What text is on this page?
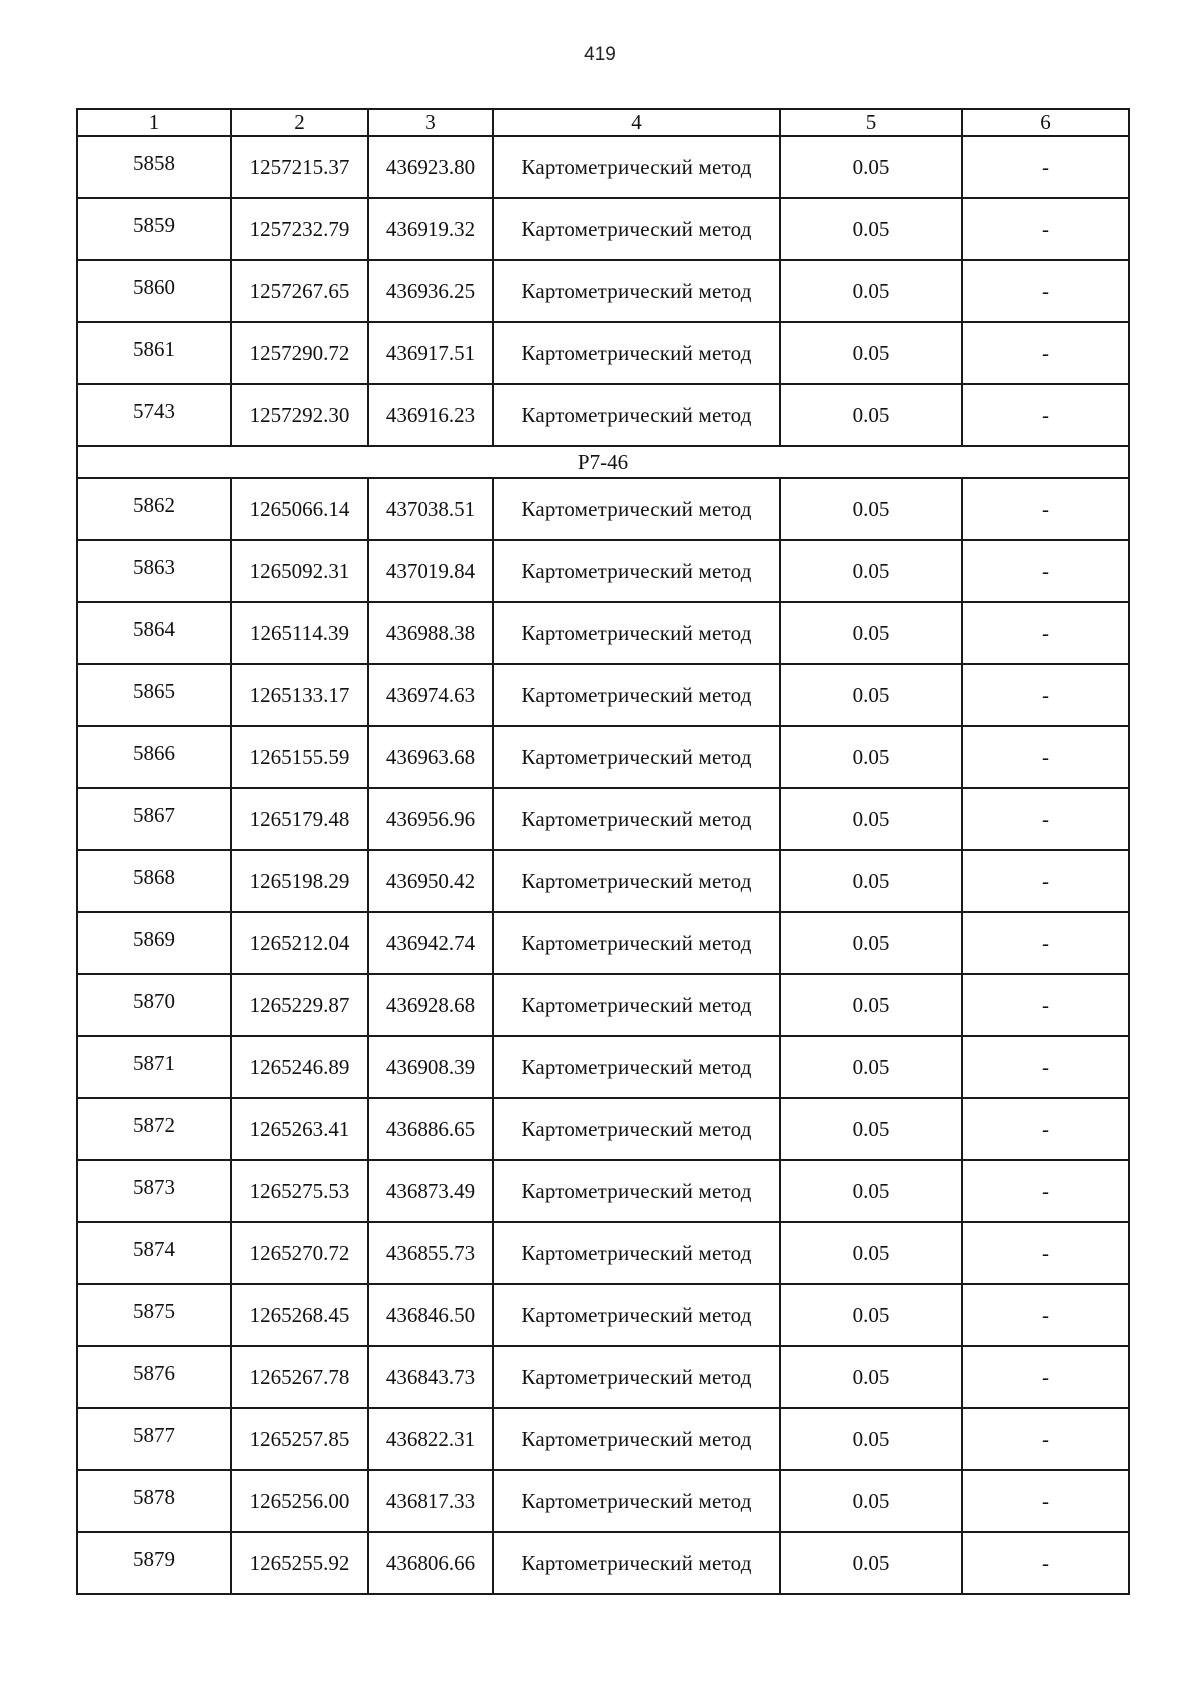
419
1	2	3	4	5	6
5858	1257215.37	436923.80	Картометрический метод	0.05	-
5859	1257232.79	436919.32	Картометрический метод	0.05	-
5860	1257267.65	436936.25	Картометрический метод	0.05	-
5861	1257290.72	436917.51	Картометрический метод	0.05	-
5743	1257292.30	436916.23	Картометрический метод	0.05	-
Р7-46					
5862	1265066.14	437038.51	Картометрический метод	0.05	-
5863	1265092.31	437019.84	Картометрический метод	0.05	-
5864	1265114.39	436988.38	Картометрический метод	0.05	-
5865	1265133.17	436974.63	Картометрический метод	0.05	-
5866	1265155.59	436963.68	Картометрический метод	0.05	-
5867	1265179.48	436956.96	Картометрический метод	0.05	-
5868	1265198.29	436950.42	Картометрический метод	0.05	-
5869	1265212.04	436942.74	Картометрический метод	0.05	-
5870	1265229.87	436928.68	Картометрический метод	0.05	-
5871	1265246.89	436908.39	Картометрический метод	0.05	-
5872	1265263.41	436886.65	Картометрический метод	0.05	-
5873	1265275.53	436873.49	Картометрический метод	0.05	-
5874	1265270.72	436855.73	Картометрический метод	0.05	-
5875	1265268.45	436846.50	Картометрический метод	0.05	-
5876	1265267.78	436843.73	Картометрический метод	0.05	-
5877	1265257.85	436822.31	Картометрический метод	0.05	-
5878	1265256.00	436817.33	Картометрический метод	0.05	-
5879	1265255.92	436806.66	Картометрический метод	0.05	-
